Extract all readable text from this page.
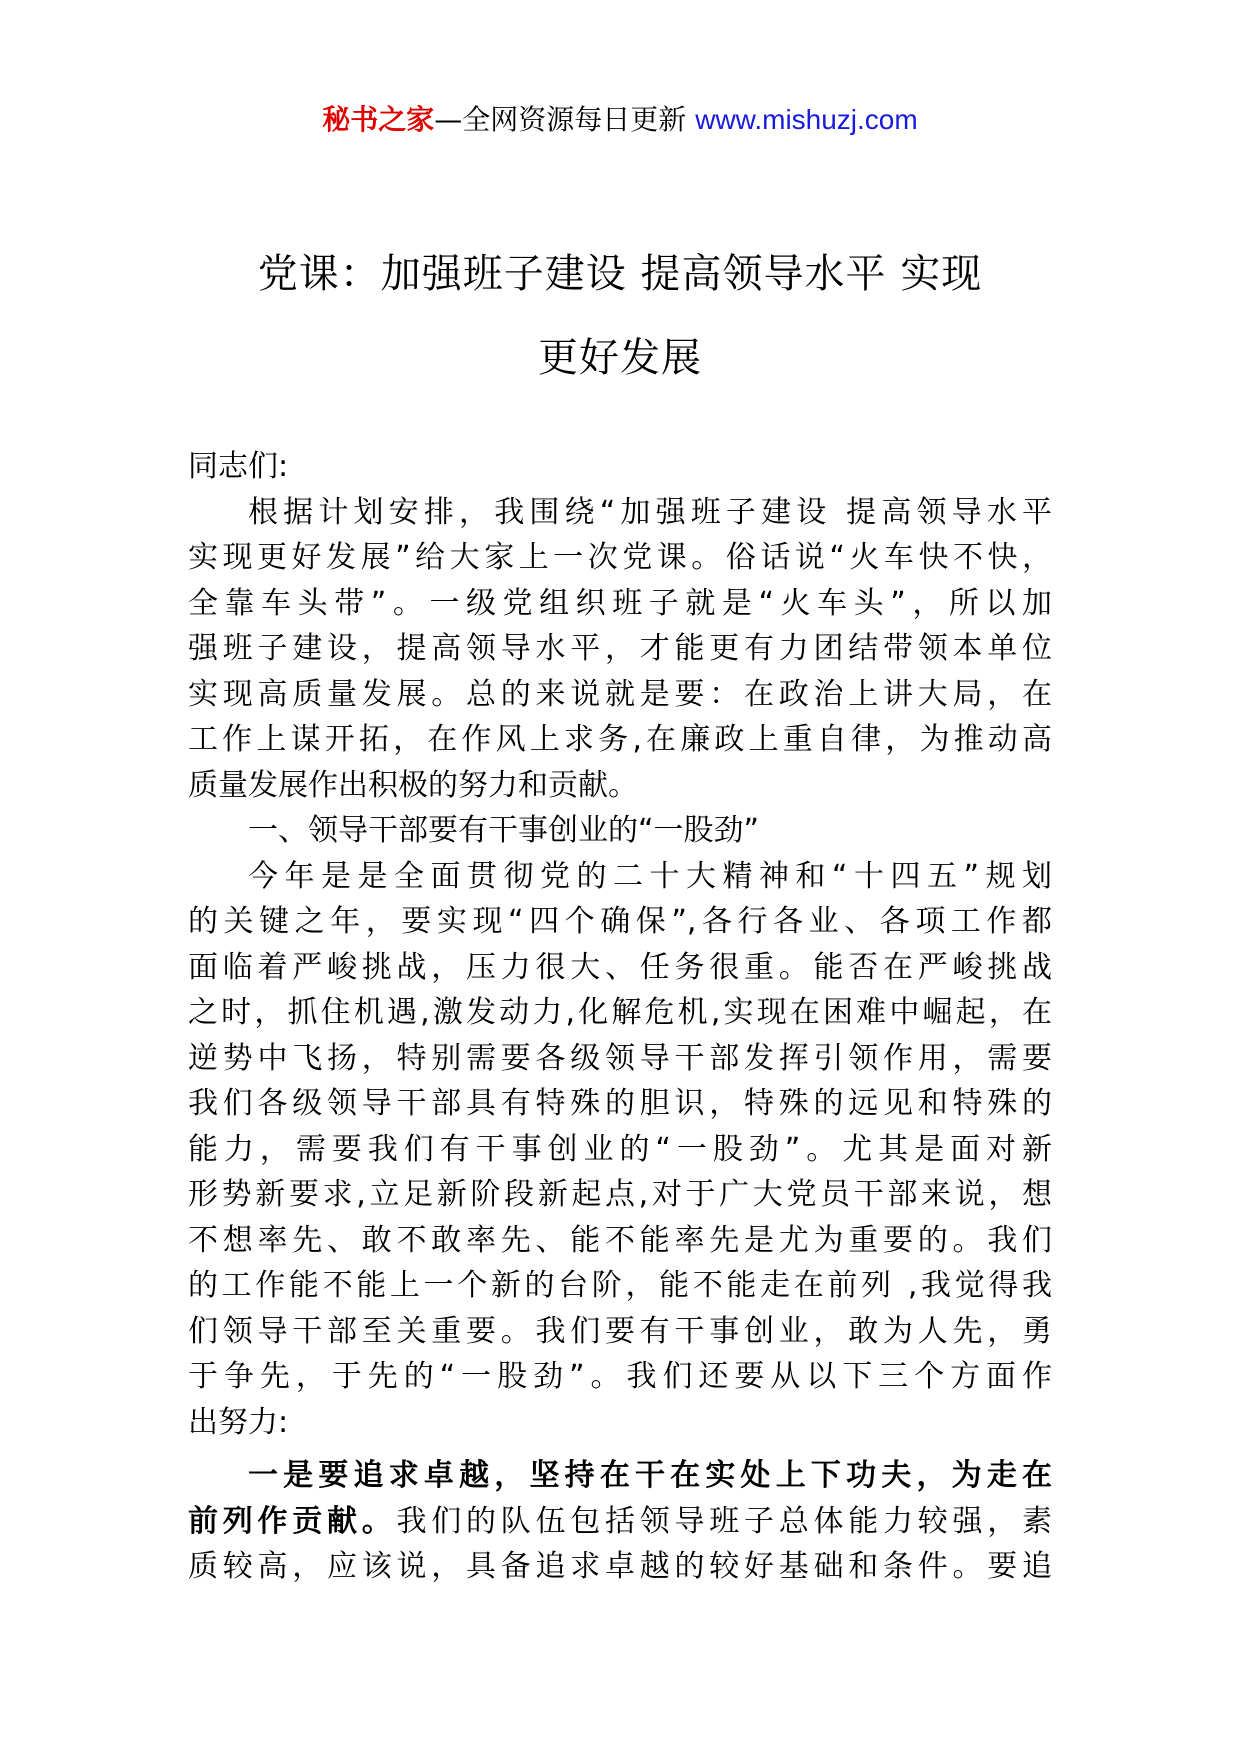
秘书之家—全网资源每日更新 www.mishuzj.com
党课：加强班子建设 提高领导水平 实现
更好发展

同志们:

根据计划安排，我围绕“加强班子建设 提高领导水平
实现更好发展”给大家上一次党课。俗话说“火车快不快，
全靠车头带”。一级党组织班子就是“火车头”，所以加
强班子建设，提高领导水平，才能更有力团结带领本单位
实现高质量发展。总的来说就是要：在政治上讲大局，在
工作上谋开拓，在作风上求务,在廉政上重自律，为推动高
质量发展作出积极的努力和贡献。

一、领导干部要有干事创业的“一股劲”

今年是是全面贯彻党的二十大精神和“十四五”规划
的关键之年，要实现“四个确保”,各行各业、各项工作都
面临着严峻挑战，压力很大、任务很重。能否在严峻挑战
之时，抓住机遇,激发动力,化解危机,实现在困难中崛起，在
逆势中飞扬，特别需要各级领导干部发挥引领作用，需要
我们各级领导干部具有特殊的胆识，特殊的远见和特殊的
能力，需要我们有干事创业的“一股劲”。尤其是面对新
形势新要求,立足新阶段新起点,对于广大党员干部来说，想
不想率先、敢不敢率先、能不能率先是尤为重要的。我们
的工作能不能上一个新的台阶，能不能走在前列 ,我觉得我
们领导干部至关重要。我们要有干事创业，敢为人先，勇
于争先，于先的“一股劲”。我们还要从以下三个方面作
出努力:

一是要追求卓越，坚持在干在实处上下功夫，为走在
前列作贡献。我们的队伍包括领导班子总体能力较强，素
质较高，应该说，具备追求卓越的较好基础和条件。要追
